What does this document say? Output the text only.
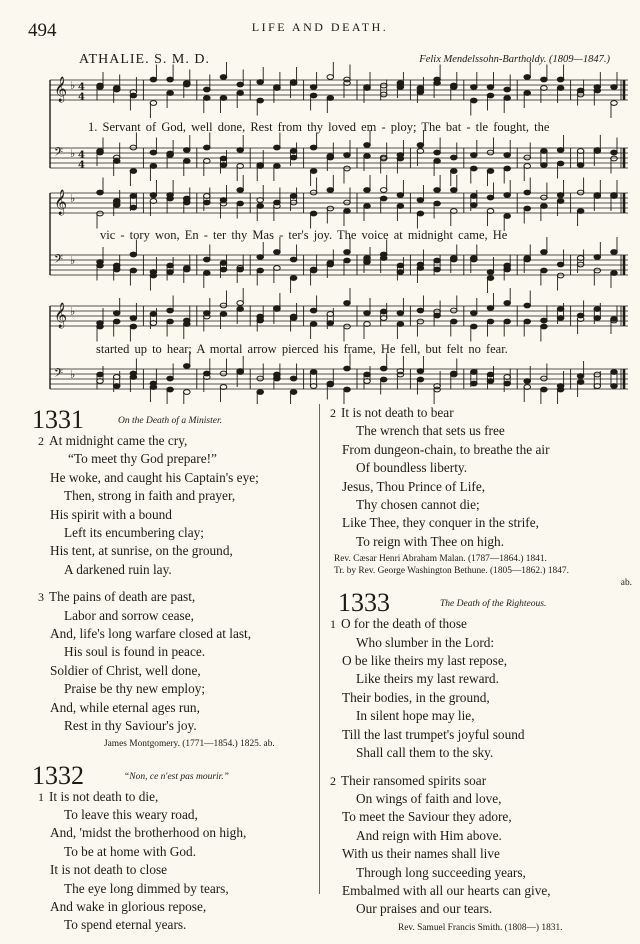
494	LIFE AND DEATH.
ATHALIE. S. M. D.	Felix Mendelssohn-Bartholdy. (1809—1847.)
𝄞 ♭ 4
4
𝄢 ♭ 4
4
𝄞 ♭
𝄢 ♭
𝄞 ♭
𝄢 ♭
1. Servant of God, well done, Rest from thy loved em - ploy; The bat - tle fought, the
vic - tory won, En - ter thy Mas - ter's joy. The voice at midnight came, He
started up to hear; A mortal arrow pierced his frame, He fell, but felt no fear.
1331	On the Death of a Minister.
2 At midnight came the cry,
“To meet thy God prepare!”
He woke, and caught his Captain's eye;
Then, strong in faith and prayer,
His spirit with a bound
Left its encumbering clay;
His tent, at sunrise, on the ground,
A darkened ruin lay.
3 The pains of death are past,
Labor and sorrow cease,
And, life's long warfare closed at last,
His soul is found in peace.
Soldier of Christ, well done,
Praise be thy new employ;
And, while eternal ages run,
Rest in thy Saviour's joy.
James Montgomery. (1771—1854.) 1825. ab.
1332	“Non, ce n'est pas mourir.”
1 It is not death to die,
To leave this weary road,
And, 'midst the brotherhood on high,
To be at home with God.
It is not death to close
The eye long dimmed by tears,
And wake in glorious repose,
To spend eternal years.
2 It is not death to bear
The wrench that sets us free
From dungeon-chain, to breathe the air
Of boundless liberty.
Jesus, Thou Prince of Life,
Thy chosen cannot die;
Like Thee, they conquer in the strife,
To reign with Thee on high.
Rev. Cæsar Henri Abraham Malan. (1787—1864.) 1841.
Tr. by Rev. George Washington Bethune. (1805—1862.) 1847.
ab.
1333	The Death of the Righteous.
1 O for the death of those
Who slumber in the Lord:
O be like theirs my last repose,
Like theirs my last reward.
Their bodies, in the ground,
In silent hope may lie,
Till the last trumpet's joyful sound
Shall call them to the sky.
2 Their ransomed spirits soar
On wings of faith and love,
To meet the Saviour they adore,
And reign with Him above.
With us their names shall live
Through long succeeding years,
Embalmed with all our hearts can give,
Our praises and our tears.
Rev. Samuel Francis Smith. (1808—) 1831.
